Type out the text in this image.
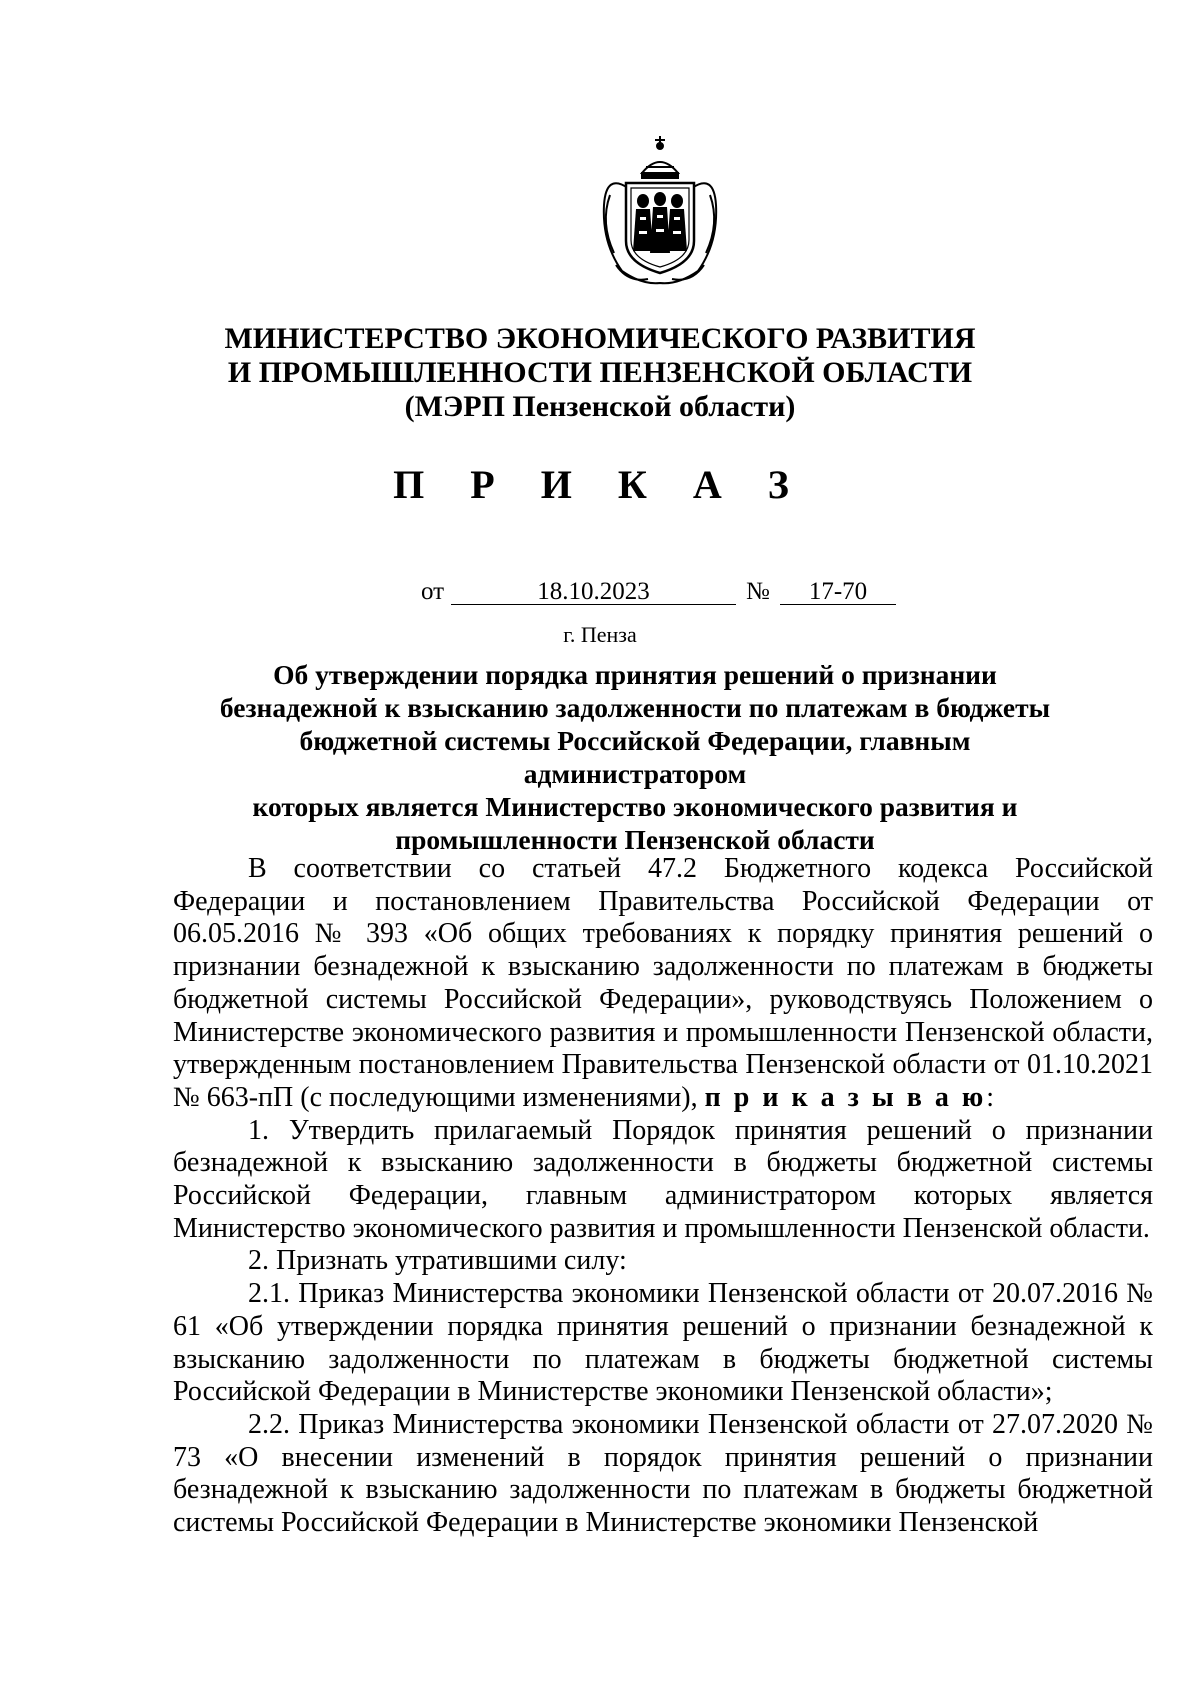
МИНИСТЕРСТВО ЭКОНОМИЧЕСКОГО РАЗВИТИЯ
И ПРОМЫШЛЕННОСТИ ПЕНЗЕНСКОЙ ОБЛАСТИ
(МЭРП Пензенской области)
П Р И К А З
от	18.10.2023	№	17-70
г. Пенза
Об утверждении порядка принятия решений о признании
безнадежной к взысканию задолженности по платежам в бюджеты
бюджетной системы Российской Федерации, главным администратором
которых является Министерство экономического развития и
промышленности Пензенской области

В соответствии со статьей 47.2 Бюджетного кодекса Российской Федерации и постановлением Правительства Российской Федерации от 06.05.2016 № 393 «Об общих требованиях к порядку принятия решений о признании безнадежной к взысканию задолженности по платежам в бюджеты бюджетной системы Российской Федерации», руководствуясь Положением о Министерстве экономического развития и промышленности Пензенской области, утвержденным постановлением Правительства Пензенской области от 01.10.2021 № 663-пП (с последующими изменениями), п р и к а з ы в а ю:

1. Утвердить прилагаемый Порядок принятия решений о признании безнадежной к взысканию задолженности в бюджеты бюджетной системы Российской Федерации, главным администратором которых является Министерство экономического развития и промышленности Пензенской области.

2. Признать утратившими силу:

2.1. Приказ Министерства экономики Пензенской области от 20.07.2016 № 61 «Об утверждении порядка принятия решений о признании безнадежной к взысканию задолженности по платежам в бюджеты бюджетной системы Российской Федерации в Министерстве экономики Пензенской области»;

2.2. Приказ Министерства экономики Пензенской области от 27.07.2020 № 73 «О внесении изменений в порядок принятия решений о признании безнадежной к взысканию задолженности по платежам в бюджеты бюджетной системы Российской Федерации в Министерстве экономики Пензенской
